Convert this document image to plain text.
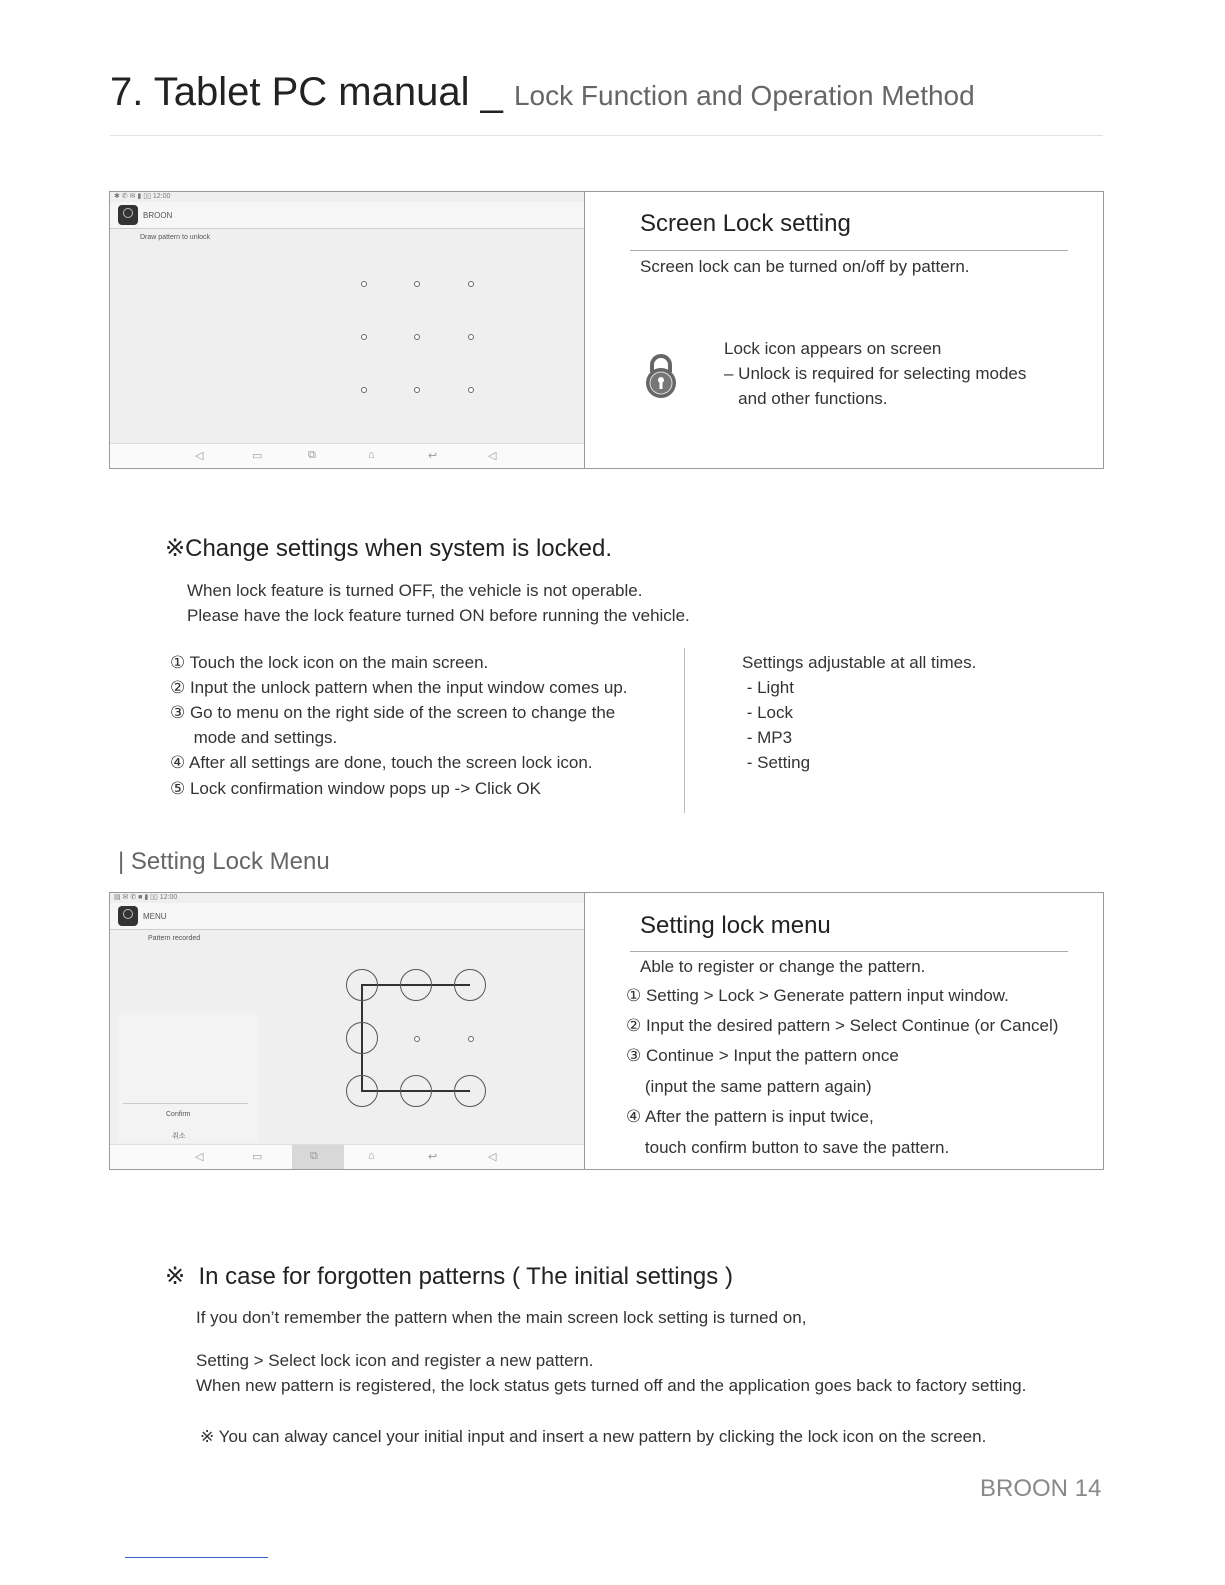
7. Tablet PC manual _ Lock Function and Operation Method
✱ ✆ ✉ ▮ ▯▯ 12:00
BROON
Draw pattern to unlock
◁	▭	⧉	⌂	↩	◁
Screen Lock setting
Screen lock can be turned on/off by pattern.
Lock icon appears on screen
– Unlock is required for selecting modes
and other functions.
※Change settings when system is locked.
When lock feature is turned OFF, the vehicle is not operable.
Please have the lock feature turned ON before running the vehicle.
① Touch the lock icon on the main screen.
② Input the unlock pattern when the input window comes up.
③ Go to menu on the right side of the screen to change the
mode and settings.
④ After all settings are done, touch the screen lock icon.
⑤ Lock confirmation window pops up -> Click OK
Settings adjustable at all times.
- Light
- Lock
- MP3
- Setting
| Setting Lock Menu
▤ ✉ ✆ ■ ▮ ▯▯ 12:00
MENU
Pattern recorded
Confirm
취소
◁	▭	⧉	⌂	↩	◁
Setting lock menu
Able to register or change the pattern.
① Setting > Lock > Generate pattern input window.
② Input the desired pattern > Select Continue (or Cancel)
③ Continue > Input the pattern once
(input the same pattern again)
④ After the pattern is input twice,
touch confirm button to save the pattern.
※  In case for forgotten patterns ( The initial settings )
If you don’t remember the pattern when the main screen lock setting is turned on,
Setting > Select lock icon and register a new pattern.
When new pattern is registered, the lock status gets turned off and the application goes back to factory setting.
※ You can alway cancel your initial input and insert a new pattern by clicking the lock icon on the screen.
BROON 14
